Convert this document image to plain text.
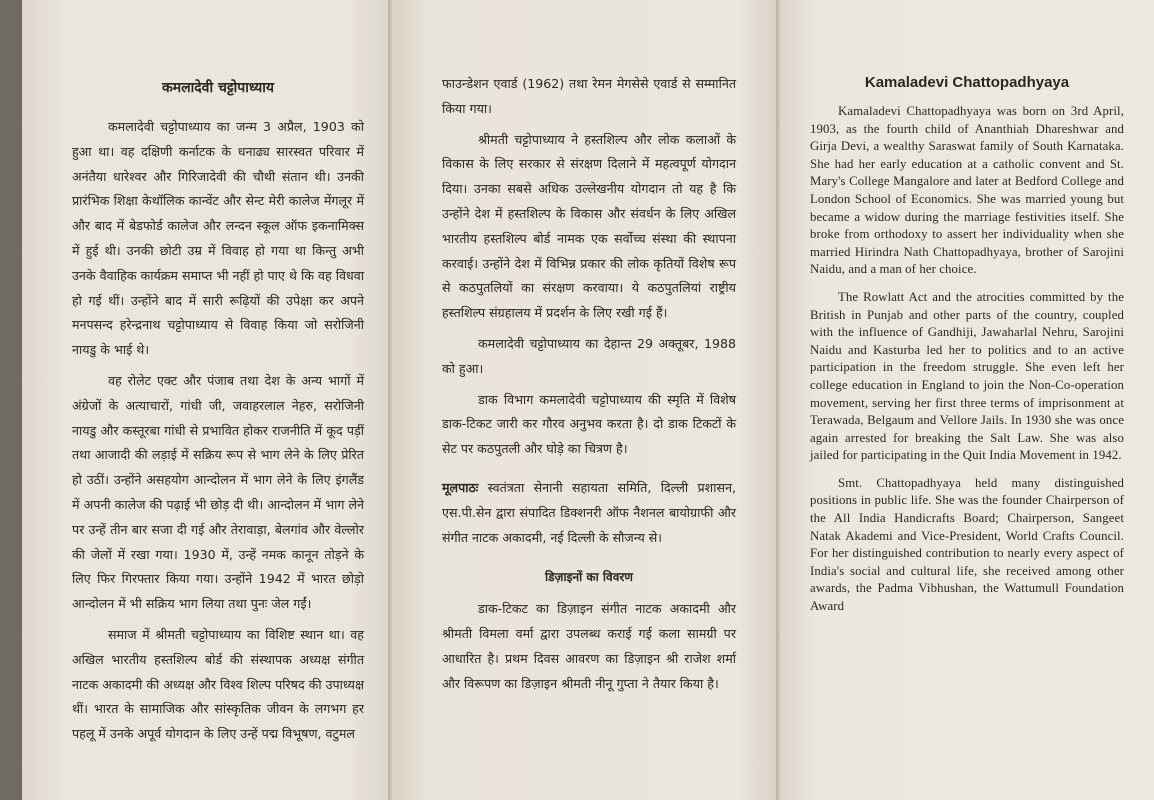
कमलादेवी चट्टोपाध्याय

कमलादेवी चट्टोपाध्याय का जन्म 3 अप्रैल, 1903 को हुआ था। वह दक्षिणी कर्नाटक के धनाढ्य सारस्वत परिवार में अनंतैया धारेश्वर और गिरिजादेवी की चौथी संतान थी। उनकी प्रारंभिक शिक्षा केथॉलिक कान्वेंट और सेन्ट मेरी कालेज मेंगलूर में और बाद में बेडफोर्ड कालेज और लन्दन स्कूल ऑफ इकनामिक्स में हुई थी। उनकी छोटी उम्र में विवाह हो गया था किन्तु अभी उनके वैवाहिक कार्यक्रम समाप्त भी नहीं हो पाए थे कि वह विधवा हो गई थीं। उन्होंने बाद में सारी रूढ़ियों की उपेक्षा कर अपने मनपसन्द हरेन्द्रनाथ चट्टोपाध्याय से विवाह किया जो सरोजिनी नायडु के भाई थे।

वह रोलेट एक्ट और पंजाब तथा देश के अन्य भागों में अंग्रेजों के अत्याचारों, गांधी जी, जवाहरलाल नेहरु, सरोजिनी नायडु और कस्तूरबा गांधी से प्रभावित होकर राजनीति में कूद पड़ीं तथा आजादी की लड़ाई में सक्रिय रूप से भाग लेने के लिए प्रेरित हो उठीं। उन्होंने असहयोग आन्दोलन में भाग लेने के लिए इंगलैंड में अपनी कालेज की पढ़ाई भी छोड़ दी थी। आन्दोलन में भाग लेने पर उन्हें तीन बार सजा दी गई और तेरावाड़ा, बेलगांव और वेल्लोर की जेलों में रखा गया। 1930 में, उन्हें नमक कानून तोड़ने के लिए फिर गिरफ्तार किया गया। उन्होंने 1942 में भारत छोड़ो आन्दोलन में भी सक्रिय भाग लिया तथा पुनः जेल गईं।

समाज में श्रीमती चट्टोपाध्याय का विशिष्ट स्थान था। वह अखिल भारतीय हस्तशिल्प बोर्ड की संस्थापक अध्यक्ष संगीत नाटक अकादमी की अध्यक्ष और विश्व शिल्प परिषद की उपाध्यक्ष थीं। भारत के सामाजिक और सांस्कृतिक जीवन के लगभग हर पहलू में उनके अपूर्व योगदान के लिए उन्हें पद्म विभूषण, वटुमल

फाउन्डेशन एवार्ड (1962) तथा रेमन मेगसेसे एवार्ड से सम्मानित किया गया।

श्रीमती चट्टोपाध्याय ने हस्तशिल्प और लोक कलाओं के विकास के लिए सरकार से संरक्षण दिलाने में महत्वपूर्ण योगदान दिया। उनका सबसे अधिक उल्लेखनीय योगदान तो यह है कि उन्होंने देश में हस्तशिल्प के विकास और संवर्धन के लिए अखिल भारतीय हस्तशिल्प बोर्ड नामक एक सर्वोच्च संस्था की स्थापना करवाई। उन्होंने देश में विभिन्न प्रकार की लोक कृतियों विशेष रूप से कठपुतलियों का संरक्षण करवाया। ये कठपुतलियां राष्ट्रीय हस्तशिल्प संग्रहालय में प्रदर्शन के लिए रखी गई हैं।

कमलादेवी चट्टोपाध्याय का देहान्त 29 अक्तूबर, 1988 को हुआ।

डाक विभाग कमलादेवी चट्टोपाध्याय की स्मृति में विशेष डाक-टिकट जारी कर गौरव अनुभव करता है। दो डाक टिकटों के सेट पर कठपुतली और घोड़े का चित्रण है।

मूलपाठः स्वतंत्रता सेनानी सहायता समिति, दिल्ली प्रशासन, एस.पी.सेन द्वारा संपादित डिक्शनरी ऑफ नैशनल बायोग्राफी और संगीत नाटक अकादमी, नई दिल्ली के सौजन्य से।

डिज़ाइनों का विवरण

डाक-टिकट का डिज़ाइन संगीत नाटक अकादमी और श्रीमती विमला वर्मा द्वारा उपलब्ध कराई गई कला सामग्री पर आधारित है। प्रथम दिवस आवरण का डिज़ाइन श्री राजेश शर्मा और विरूपण का डिज़ाइन श्रीमती नीनू गुप्ता ने तैयार किया है।

Kamaladevi Chattopadhyaya

Kamaladevi Chattopadhyaya was born on 3rd April, 1903, as the fourth child of Ananthiah Dhareshwar and Girja Devi, a wealthy Saraswat family of South Karnataka. She had her early education at a catholic convent and St. Mary's College Mangalore and later at Bedford College and London School of Economics. She was married young but became a widow during the marriage festivities itself. She broke from orthodoxy to assert her individuality when she married Hirindra Nath Chattopadhyaya, brother of Sarojini Naidu, and a man of her choice.

The Rowlatt Act and the atrocities committed by the British in Punjab and other parts of the country, coupled with the influence of Gandhiji, Jawaharlal Nehru, Sarojini Naidu and Kasturba led her to politics and to an active participation in the freedom struggle. She even left her college education in England to join the Non-Co-operation movement, serving her first three terms of imprisonment at Terawada, Belgaum and Vellore Jails. In 1930 she was once again arrested for breaking the Salt Law. She was also jailed for participating in the Quit India Movement in 1942.

Smt. Chattopadhyaya held many distinguished positions in public life. She was the founder Chairperson of the All India Handicrafts Board; Chairperson, Sangeet Natak Akademi and Vice-President, World Crafts Council. For her distinguished contribution to nearly every aspect of India's social and cultural life, she received among other awards, the Padma Vibhushan, the Wattumull Foundation Award
